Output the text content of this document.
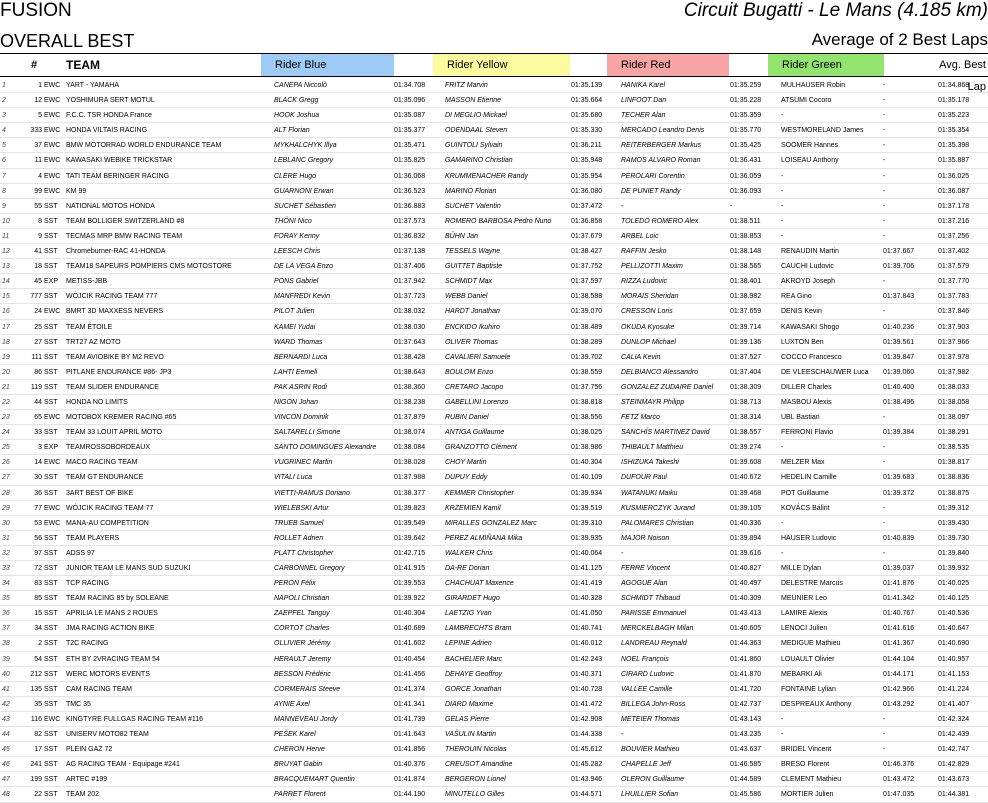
FUSION
OVERALL BEST
Circuit Bugatti - Le Mans (4.185 km)
Average of 2 Best Laps
# TEAM	Rider Blue	Rider Yellow	Rider Red	Rider Green	Avg. Best Lap
1	1 EWC YART - YAMAHA	CANEPA Niccolò	01:34.708	FRITZ Marvin	01:35.139	HANIKA Karel	01:35.259	MULHAUSER Robin	-	01:34.868
2	12 EWC YOSHIMURA SERT MOTUL	BLACK Gregg	01:35.096	MASSON Etienne	01:35.664	LINFOOT Dan	01:35.228	ATSUMI Cocoro	-	01:35.178
3	5 EWC F.C.C. TSR HONDA France	HOOK Joshua	01:35.087	DI MEGLIO Mickael	01:35.680	TECHER Alan	01:35.359	-	-	01:35.223
4	333 EWC HONDA VILTAIS RACING	ALT Florian	01:35.377	ODENDAAL Steven	01:35.330	MERCADO Leandro Denis	01:35.770	WESTMORELAND James	-	01:35.354
5	37 EWC BMW MOTORRAD WORLD ENDURANCE TEAM	MYKHALCHYK Illya	01:35.471	GUINTOLI Sylvain	01:36.211	REITERBERGER Markus	01:35.425	SOOMER Hannes	-	01:35.398
6	11 EWC KAWASAKI WEBIKE TRICKSTAR	LEBLANC Gregory	01:35.825	GAMARINO Christian	01:35.948	RAMOS ALVARO Roman	01:36.431	LOISEAU Anthony	-	01:35.887
7	4 EWC TATI TEAM BERINGER RACING	CLERE Hugo	01:36.068	KRUMMENACHER Randy	01:35.954	PEROLARI Corentin	01:36.059	-	-	01:36.025
8	99 EWC KM 99	GUARNONI Erwan	01:36.523	MARINO Florian	01:36.080	DE PUNIET Randy	01:36.093	-	-	01:36.087
9	55 SST	NATIONAL MOTOS HONDA	SUCHET Sébastien	01:36.883	SUCHET Valentin	01:37.472	-	-	-	-	01:37.178
10	8 SST	TEAM BOLLIGER SWITZERLAND #8	THÖNI Nico	01:37.573	ROMERO BARBOSA Pedro Nuno	01:36.858	TOLEDO ROMERO Alex	01:38.511	-	-	01:37.216
11	9 SST	TECMAS MRP BMW RACING TEAM	FORAY Kenny	01:36.832	BÜHN Jan	01:37.679	ARBEL Loic	01:38.853	-	-	01:37.256
12	41 SST	Chromeburner-RAC 41-HONDA	LEESCH Chris	01:37.138	TESSELS Wayne	01:38.427	RAFFIN Jesko	01:38.148	RENAUDIN Martin	01:37.667	01:37.402
13	18 SST	TEAM18 SAPEURS POMPIERS CMS MOTOSTORE	DE LA VEGA Enzo	01:37.406	GUITTET Baptiste	01:37.752	PELLIZOTTI Maxim	01:38.565	CAUCHI Ludovic	01:39.706	01:37.579
14	45 EXP	METISS-JBB	PONS Gabriel	01:37.942	SCHMIDT Max	01:37.597	RIZZA Ludovic	01:38.401	AKROYD Joseph	-	01:37.770
15	777 SST	WÓJCIK RACING TEAM 777	MANFREDI Kevin	01:37.723	WEBB Daniel	01:38.588	MORAIS Sheridan	01:38.982	REA Gino	01:37.843	01:37.783
16	24 EWC BMRT 3D MAXXESS NEVERS	PILOT Julien	01:38.032	HARDT Jonathan	01:39.070	CRESSON Loris	01:37.659	DENIS Kevin	-	01:37.846
17	25 SST	TEAM ÉTOILE	KAMEI Yudai	01:38.030	ENCKIDO Ikuhiro	01:38.489	OKUDA Kyosuke	01:39.714	KAWASAKI Shogo	01:40.236	01:37.903
18	27 SST	TRT27 AZ MOTO	WARD Thomas	01:37.643	OLIVER Thomas	01:38.289	DUNLOP Michael	01:39.136	LUXTON Ben	01:39.561	01:37.966
19	111 SST	TEAM AVIOBIKE BY M2 REVO	BERNARDI Luca	01:38.428	CAVALIERI Samuele	01:39.702	CALIA Kevin	01:37.527	COCCO Francesco	01:39.847	01:37.978
20	86 SST	PITLANE ENDURANCE #86- JP3	LAHTI Eemeli	01:38.643	BOULOM Enzo	01:38.559	DELBIANCO Alessandro	01:37.404	DE VLEESCHAUWER Luca	01:39.060	01:37.982
21	119 SST	TEAM SLIDER ENDURANCE	PAK ASRIN Rodi	01:38.360	CRETARO Jacopo	01:37.756	GONZALEZ ZUDAIRE Daniel	01:38.309	DILLER Charles	01:40.400	01:38.033
22	44 SST	HONDA NO LIMITS	NIGON Johan	01:38.238	GABELLINI Lorenzo	01:38.818	STEINMAYR Philipp	01:38.713	MASBOU Alexis	01:38.496	01:38.058
23	65 EWC MOTOBOX KREMER RACING #65	VINCON Dominik	01:37.879	RUBIN Daniel	01:38.556	FETZ Marco	01:38.314	UBL Bastian	-	01:38.097
24	33 SST	TEAM 33 LOUIT APRIL MOTO	SALTARELLI Simone	01:38.074	ANTIGA Guillaume	01:38.025	SANCHÍS MARTINEZ David	01:38.557	FERRONI Flavio	01:39.384	01:38.291
25	3 EXP	TEAMROSSOBORDEAUX	SANTO DOMINGUES Alexandre	01:38.084	GRANZOTTO Clément	01:38.986	THIBAULT Matthieu	01:39.274	-	-	01:38.535
26	14 EWC MACO RACING TEAM	VUGRINEC Martin	01:38.028	CHOY Martin	01:40.304	ISHIZUKA Takeshi	01:39.608	MELZER Max	-	01:38.817
27	30 SST	TEAM GT ENDURANCE	VITALI Luca	01:37.988	DUPUY Eddy	01:40.109	DUFOUR Paul	01:40.672	HEDELIN Camille	01:39.683	01:38.836
28	36 SST	3ART BEST OF BIKE	VIETTI-RAMUS Doriano	01:38.377	KEMMER Christopher	01:39.934	WATANUKI Maiku	01:39.468	POT Guillaume	01:39.372	01:38.875
29	77 EWC WÓJCIK RACING TEAM 77	WIELEBSKI Artur	01:39.823	KRZEMIEN Kamil	01:39.519	KUSMIERCZYK Jurand	01:39.105	KOVÁCS Bálint	-	01:39.312
30	53 EWC MANA-AU COMPETITION	TRUEB Samuel	01:39.549	MIRALLES GONZALEZ Marc	01:39.310	PALOMARES Christian	01:40.336	-	-	01:39.430
31	56 SST	TEAM PLAYERS	ROLLET Adrien	01:39.642	PEREZ ALMIÑANA Mika	01:39.935	MAJOR Noison	01:39.894	HAUSER Ludovic	01:40.839	01:39.730
32	97 SST	ADSS 97	PLATT Christopher	01:42.715	WALKER Chris	01:40.064	-	01:39.616	-	-	01:39.840
33	72 SST	JUNIOR TEAM LE MANS SUD SUZUKI	CARBONNEL Gregory	01:41.915	DA-RE Dorian	01:41.125	FERRE Vincent	01:40.827	MILLE Dylan	01:39.037	01:39.932
34	83 SST	TCP RACING	PERON Félix	01:39.553	CHACHUAT Maxence	01:41.419	AGOGUE Alan	01:40.497	DELESTRE Marcus	01:41.876	01:40.025
35	85 SST	TEAM RACING 85 by SOLEANE	NAPOLI Christian	01:39.922	GIRARDET Hugo	01:40.328	SCHMIDT Thibaud	01:40.309	MEUNIER Leo	01:41.342	01:40.125
36	15 SST	APRILIA LE MANS 2 ROUES	ZAEPFEL Tanguy	01:40.304	LAETZIG Yvan	01:41.050	PARISSE Emmanuel	01:43.413	LAMIRE Alexis	01:40.767	01:40.536
37	34 SST	JMA RACING ACTION BIKE	CORTOT Charles	01:40.689	LAMBRECHTS Bram	01:40.741	MERCKELBAGH Milan	01:40.605	LENOCI Julien	01:41.616	01:40.647
38	2 SST	T2C RACING	OLLIVIER Jérémy	01:41.602	LEPINE Adrien	01:40.012	LANDREAU Reynald	01:44.363	MEDIGUE Mathieu	01:41.367	01:40.690
39	54 SST	ETH BY 2VRACING TEAM 54	HERAULT Jeremy	01:40.454	BACHELIER Marc	01:42.243	NOEL François	01:41.860	LOUAULT Olivier	01:44.104	01:40.957
40	212 SST	WERC MOTORS EVENTS	BESSON Frédéric	01:41.456	DEHAYE Geoffroy	01:40.371	CIRARD Ludovic	01:41.870	MEBARKI Ali	01:44.171	01:41.153
41	135 SST	CAM RACING TEAM	CORMERAIS Steeve	01:41.374	GORCE Jonathan	01:40.728	VALLEE Camille	01:41.720	FONTAINE Lylian	01:42.966	01:41.224
42	35 SST	TMC 35	AYNIE Axel	01:41.341	DIARD Maxime	01:41.472	BILLEGA John-Ross	01:42.737	DESPREAUX Anthony	01:43.292	01:41.407
43	116 EWC KINGTYRE FULLGAS RACING TEAM #116	MANNEVEAU Jordy	01:41.739	GELAS Pierre	01:42.908	METEIER Thomas	01:43.143	-	-	01:42.324
44	82 SST	UNISERV MOTO82 TEAM	PEŠEK Karel	01:41.643	VAŠULIN Martin	01:44.338	-	01:43.235	-	-	01:42.439
45	17 SST	PLEIN GAZ 72	CHERON Herve	01:41.856	THEROUIN Nicolas	01:45.612	BOUVIER Mathieu	01:43.637	BRIDEL Vincent	-	01:42.747
46	241 SST	AG RACING TEAM - Equipage #241	BRUYAT Gabin	01:40.376	CREUSOT Amandine	01:45.282	CHAPELLE Jeff	01:46.585	BRESO Florent	01:46.376	01:42.829
47	199 SST	ARTEC #199	BRACQUEMART Quentin	01:41.874	BERGERON Lionel	01:43.946	OLERON Guillaume	01:44.589	CLEMENT Mathieu	01:43.472	01:43.673
48	22 SST	TEAM 202	PARRET Florent	01:44.190	MINUTELLO Gilles	01:44.571	LHUILLIER Sofian	01:45.586	MORTIER Julien	01:47.035	01:44.381
